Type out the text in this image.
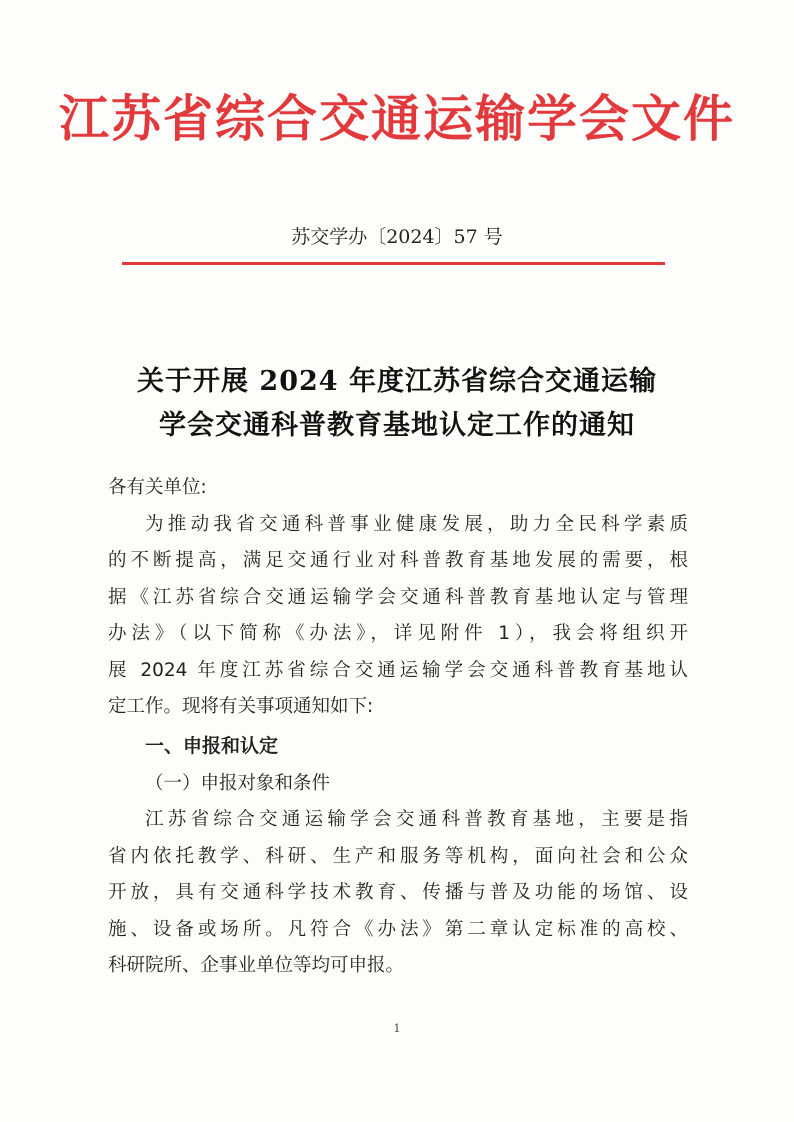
江苏省综合交通运输学会文件
苏交学办〔2024〕57 号
关于开展 2024 年度江苏省综合交通运输
学会交通科普教育基地认定工作的通知
各有关单位:
为推动我省交通科普事业健康发展，助力全民科学素质
的不断提高，满足交通行业对科普教育基地发展的需要，根
据《江苏省综合交通运输学会交通科普教育基地认定与管理
办法》（以下简称《办法》，详见附件 1），我会将组织开
展 2024 年度江苏省综合交通运输学会交通科普教育基地认
定工作。现将有关事项通知如下:
一、申报和认定
（一）申报对象和条件
江苏省综合交通运输学会交通科普教育基地，主要是指
省内依托教学、科研、生产和服务等机构，面向社会和公众
开放，具有交通科学技术教育、传播与普及功能的场馆、设
施、设备或场所。凡符合《办法》第二章认定标准的高校、
科研院所、企事业单位等均可申报。
1
